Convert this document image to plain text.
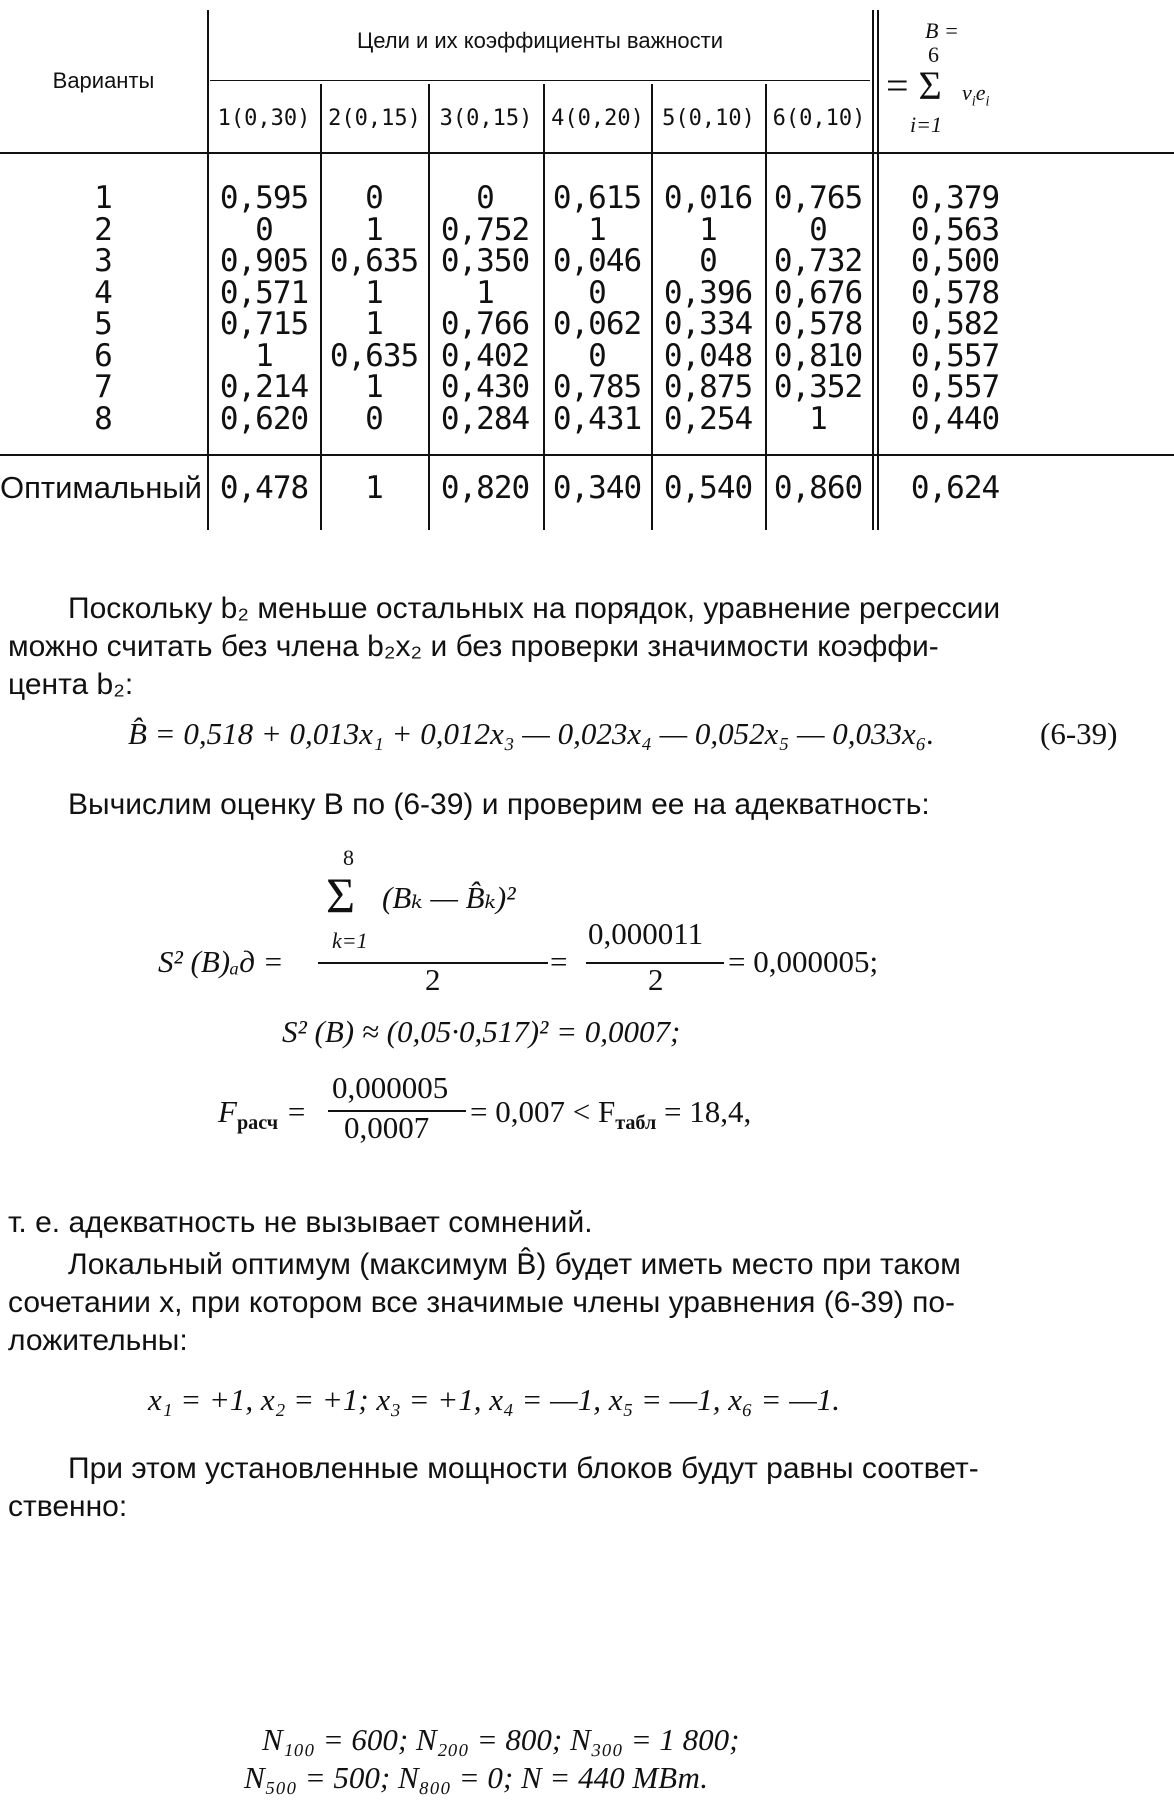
Варианты
Цели и их коэффициенты важности
1(0,30) 2(0,15) 3(0,15) 4(0,20) 5(0,10) 6(0,10)
B =
6
= Σ $v_ie_i$
i=1
1	0,595	0	0	0,615 0,016 0,765	0,379
2	0	1	0,752	1	1	0	0,563
3	0,905 0,635 0,350 0,046	0	0,732	0,500
4	0,571	1	1	0	0,396 0,676	0,578
5	0,715	1	0,766 0,062 0,334 0,578	0,582
6	1	0,635 0,402	0	0,048 0,810	0,557
7	0,214	1	0,430 0,785 0,875 0,352	0,557
8	0,620	0	0,284 0,431 0,254	1	0,440
Оптимальный 0,478	1	0,820 0,340 0,540 0,860	0,624
Поскольку b₂ меньше остальных на порядок, уравнение регрессии
можно считать без члена b₂x₂ и без проверки значимости коэффи-
цента b₂:
B̂ = 0,518 + 0,013x₁ + 0,012x₃ — 0,023x₄ — 0,052x₅ — 0,033x₆.	(6-39)
Вычислим оценку B по (6-39) и проверим ее на адекватность:
8
Σ (Bₖ — B̂ₖ)²
k=1
S² (B)ₐд =
2
=
0,000011
2
= 0,000005;
S² (B) ≈ (0,05·0,517)² = 0,0007;
$F_{расч}$ =
0,000005
$0,0007 = 0,007 < F_{табл} = 18,4$,
т. е. адекватность не вызывает сомнений.
Локальный оптимум (максимум B̂) будет иметь место при таком
сочетании x, при котором все значимые члены уравнения (6-39) по-
ложительны:
x₁ = +1, x₂ = +1; x₃ = +1, x₄ = —1, x₅ = —1, x₆ = —1.
При этом установленные мощности блоков будут равны соответ-
ственно:
N₁₀₀ = 600; N₂₀₀ = 800; N₃₀₀ = 1 800;
N₅₀₀ = 500; N₈₀₀ = 0; N = 440 МВт.
